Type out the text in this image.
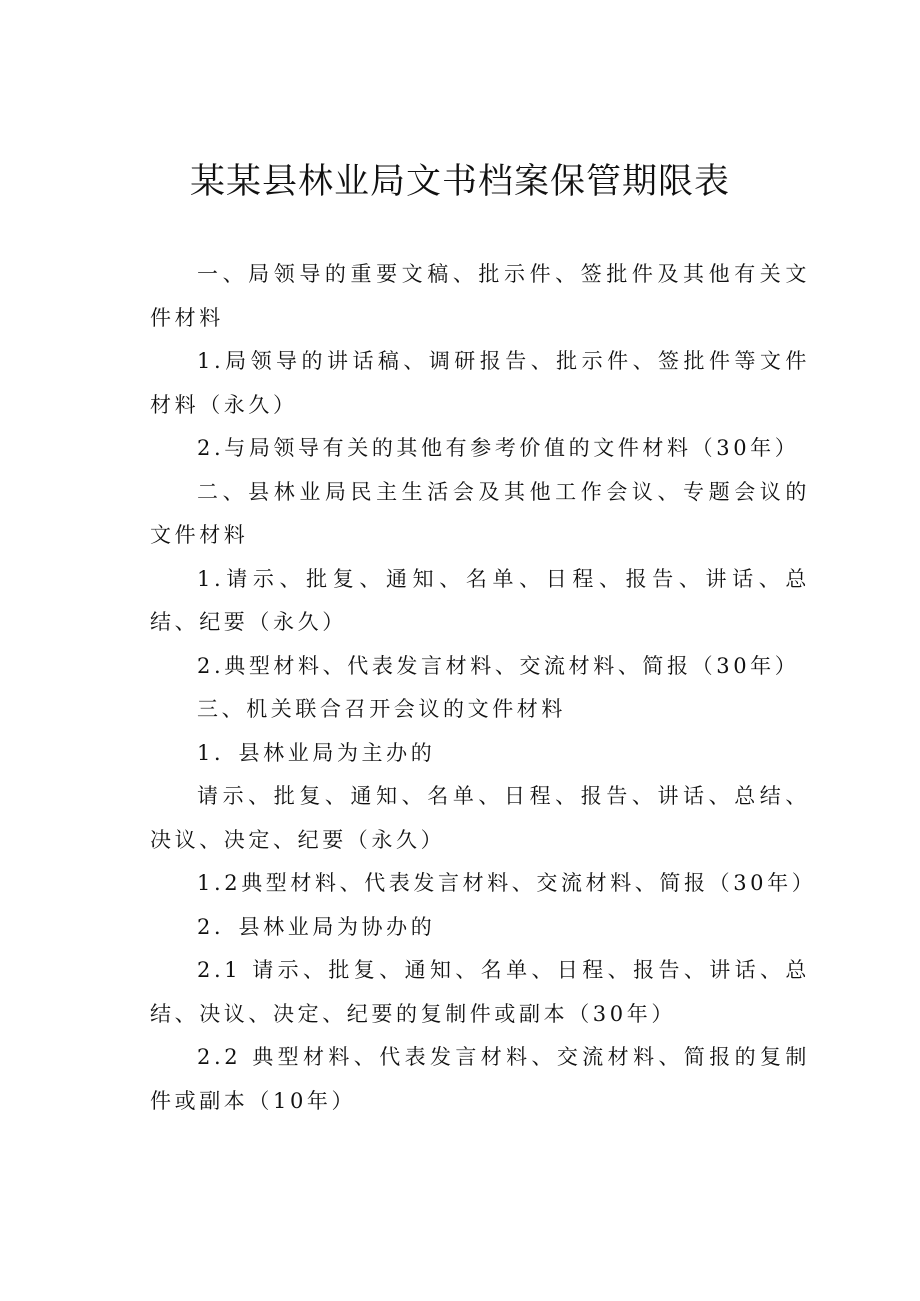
某某县林业局文书档案保管期限表

一、局领导的重要文稿、批示件、签批件及其他有关文件材料

1.局领导的讲话稿、调研报告、批示件、签批件等文件材料（永久）

2.与局领导有关的其他有参考价值的文件材料（30年）

二、县林业局民主生活会及其他工作会议、专题会议的文件材料

1.请示、批复、通知、名单、日程、报告、讲话、总结、纪要（永久）

2.典型材料、代表发言材料、交流材料、简报（30年）

三、机关联合召开会议的文件材料

1．县林业局为主办的

请示、批复、通知、名单、日程、报告、讲话、总结、决议、决定、纪要（永久）

1.2典型材料、代表发言材料、交流材料、简报（30年）

2．县林业局为协办的

2.1 请示、批复、通知、名单、日程、报告、讲话、总结、决议、决定、纪要的复制件或副本（30年）

2.2 典型材料、代表发言材料、交流材料、简报的复制件或副本（10年）
